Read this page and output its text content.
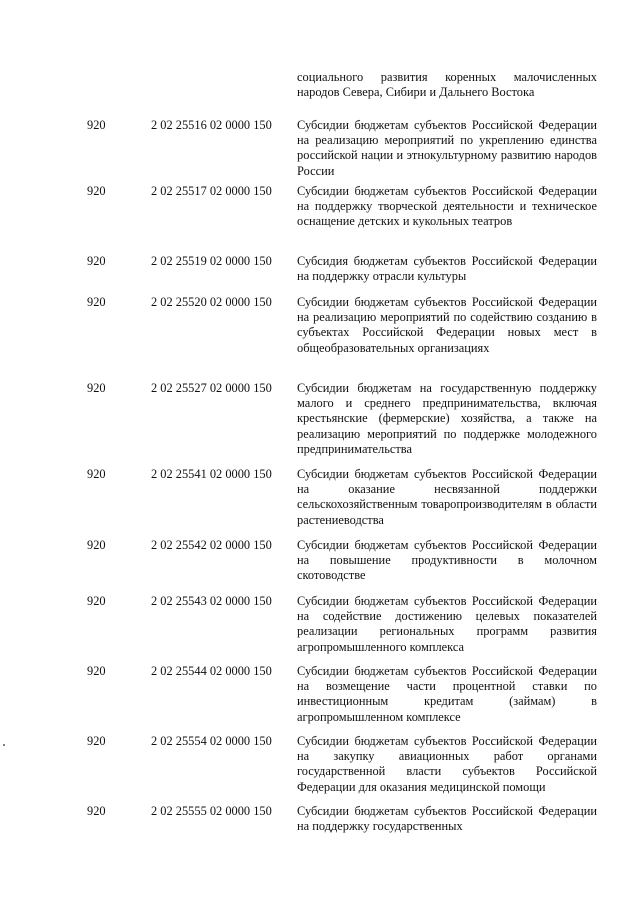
социального развития коренных малочисленных народов Севера, Сибири и Дальнего Востока
920	2 02 25516 02 0000 150	Субсидии бюджетам субъектов Российской Федерации на реализацию мероприятий по укреплению единства российской нации и этнокультурному развитию народов России
920	2 02 25517 02 0000 150	Субсидии бюджетам субъектов Российской Федерации на поддержку творческой деятельности и техническое оснащение детских и кукольных театров
920	2 02 25519 02 0000 150	Субсидия бюджетам субъектов Российской Федерации на поддержку отрасли культуры
920	2 02 25520 02 0000 150	Субсидии бюджетам субъектов Российской Федерации на реализацию мероприятий по содействию созданию в субъектах Российской Федерации новых мест в общеобразовательных организациях
920	2 02 25527 02 0000 150	Субсидии бюджетам на государственную поддержку малого и среднего предпринимательства, включая крестьянские (фермерские) хозяйства, а также на реализацию мероприятий по поддержке молодежного предпринимательства
920	2 02 25541 02 0000 150	Субсидии бюджетам субъектов Российской Федерации на оказание несвязанной поддержки сельскохозяйственным товаропроизводителям в области растениеводства
920	2 02 25542 02 0000 150	Субсидии бюджетам субъектов Российской Федерации на повышение продуктивности в молочном скотоводстве
920	2 02 25543 02 0000 150	Субсидии бюджетам субъектов Российской Федерации на содействие достижению целевых показателей реализации региональных программ развития агропромышленного комплекса
920	2 02 25544 02 0000 150	Субсидии бюджетам субъектов Российской Федерации на возмещение части процентной ставки по инвестиционным кредитам (займам) в агропромышленном комплексе
920	2 02 25554 02 0000 150	Субсидии бюджетам субъектов Российской Федерации на закупку авиационных работ органами государственной власти субъектов Российской Федерации для оказания медицинской помощи
920	2 02 25555 02 0000 150	Субсидии бюджетам субъектов Российской Федерации на поддержку государственных
